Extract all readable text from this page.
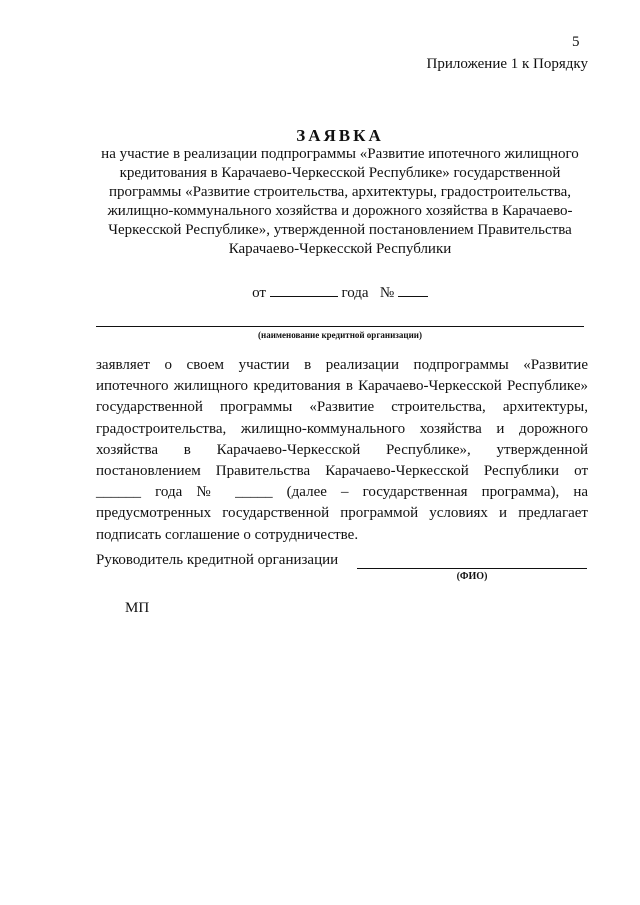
5
Приложение 1 к Порядку
ЗАЯВКА
на участие в реализации подпрограммы «Развитие ипотечного жилищного кредитования в Карачаево-Черкесской Республике» государственной программы «Развитие строительства, архитектуры, градостроительства, жилищно-коммунального хозяйства и дорожного хозяйства в Карачаево-Черкесской Республике», утвержденной постановлением Правительства Карачаево-Черкесской Республики
от	года №
(наименование кредитной организации)
заявляет о своем участии в реализации подпрограммы «Развитие ипотечного жилищного кредитования в Карачаево-Черкесской Республике» государственной программы «Развитие строительства, архитектуры, градостроительства, жилищно-коммунального хозяйства и дорожного хозяйства в Карачаево-Черкесской Республике», утвержденной постановлением Правительства Карачаево-Черкесской Республики от ______ года № _____ (далее – государственная программа), на предусмотренных государственной программой условиях и предлагает подписать соглашение о сотрудничестве.
Руководитель кредитной организации
(ФИО)
МП
